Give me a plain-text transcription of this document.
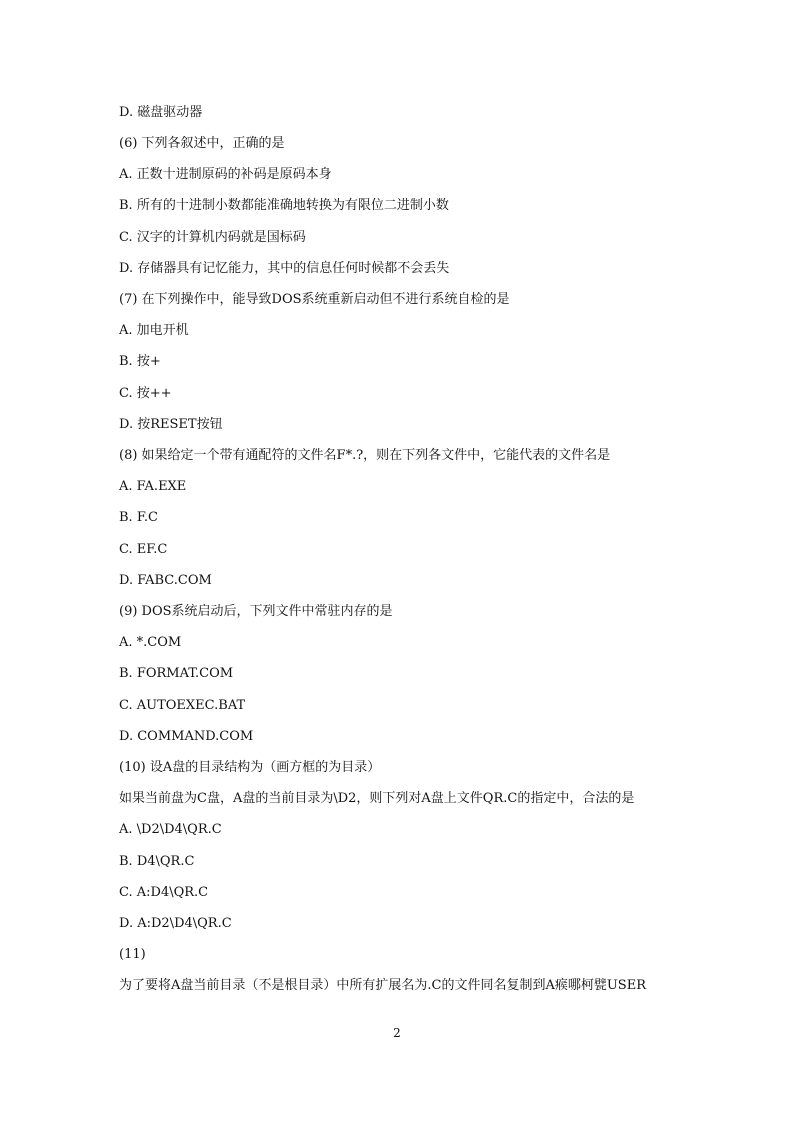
D. 磁盘驱动器
(6) 下列各叙述中，正确的是
A. 正数十进制原码的补码是原码本身
B. 所有的十进制小数都能准确地转换为有限位二进制小数
C. 汉字的计算机内码就是国标码
D. 存储器具有记忆能力，其中的信息任何时候都不会丢失
(7) 在下列操作中，能导致DOS系统重新启动但不进行系统自检的是
A. 加电开机
B. 按+
C. 按++
D. 按RESET按钮
(8) 如果给定一个带有通配符的文件名F*.?，则在下列各文件中，它能代表的文件名是
A. FA.EXE
B. F.C
C. EF.C
D. FABC.COM
(9) DOS系统启动后，下列文件中常驻内存的是
A. *.COM
B. FORMAT.COM
C. AUTOEXEC.BAT
D. COMMAND.COM
(10) 设A盘的目录结构为（画方框的为目录）
如果当前盘为C盘，A盘的当前目录为\D2，则下列对A盘上文件QR.C的指定中，合法的是
A. \D2\D4\QR.C
B. D4\QR.C
C. A:D4\QR.C
D. A:D2\D4\QR.C
(11)
为了要将A盘当前目录（不是根目录）中所有扩展名为.C的文件同名复制到A瘊哪柯甓USER
2
